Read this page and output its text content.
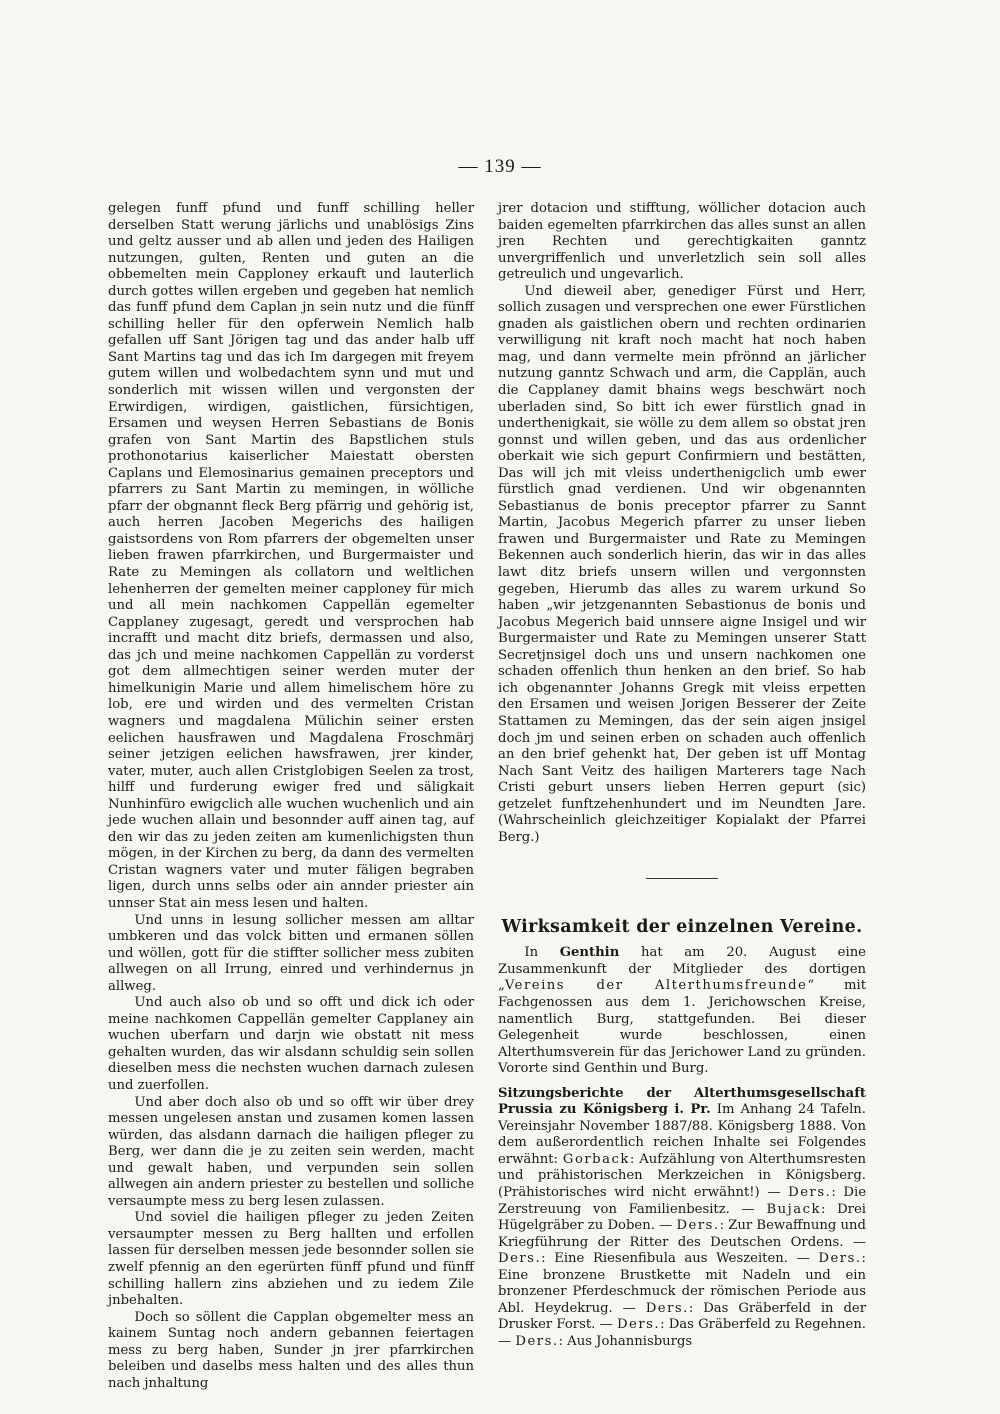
— 139 —

gelegen funff pfund und funff schilling heller derselben Statt werung järlichs und unablösigs Zins und geltz ausser und ab allen und jeden des Hailigen nutzungen, gulten, Renten und guten an die obbemelten mein Capploney erkauft und lauterlich durch gottes willen ergeben und gegeben hat nemlich das funff pfund dem Caplan jn sein nutz und die fünff schilling heller für den opferwein Nemlich halb gefallen uff Sant Jörigen tag und das ander halb uff Sant Martins tag und das ich Im dargegen mit freyem gutem willen und wolbedachtem synn und mut und sonderlich mit wissen willen und vergonsten der Erwirdigen, wirdigen, gaistlichen, fürsichtigen, Ersamen und weysen Herren Sebastians de Bonis grafen von Sant Martin des Bapstlichen stuls prothonotarius kaiserlicher Maiestatt obersten Caplans und Elemosinarius gemainen preceptors und pfarrers zu Sant Martin zu memingen, in wölliche pfarr der obgnannt fleck Berg pfärrig und gehörig ist, auch herren Jacoben Megerichs des hailigen gaistsordens von Rom pfarrers der obgemelten unser lieben frawen pfarrkirchen, und Burgermaister und Rate zu Memingen als collatorn und weltlichen lehenherren der gemelten meiner capploney für mich und all mein nachkomen Cappellän egemelter Capplaney zugesagt, geredt und versprochen hab incrafft und macht ditz briefs, dermassen und also, das jch und meine nachkomen Cappellän zu vorderst got dem allmechtigen seiner werden muter der himelkunigin Marie und allem himelischem höre zu lob, ere und wirden und des vermelten Cristan wagners und magdalena Mülichin seiner ersten eelichen hausfrawen und Magdalena Froschmärj seiner jetzigen eelichen hawsfrawen, jrer kinder, vater, muter, auch allen Cristglobigen Seelen za trost, hilff und furderung ewiger fred und säligkait Nunhinfüro ewigclich alle wuchen wuchenlich und ain jede wuchen allain und besonnder auff ainen tag, auf den wir das zu jeden zeiten am kumenlichigsten thun mögen, in der Kirchen zu berg, da dann des vermelten Cristan wagners vater und muter fäligen begraben ligen, durch unns selbs oder ain annder priester ain unnser Stat ain mess lesen und halten.

Und unns in lesung sollicher messen am alltar umbkeren und das volck bitten und ermanen söllen und wöllen, gott für die stiffter sollicher mess zubiten allwegen on all Irrung, einred und verhindernus jn allweg.

Und auch also ob und so offt und dick ich oder meine nachkomen Cappellän gemelter Capplaney ain wuchen uberfarn und darjn wie obstatt nit mess gehalten wurden, das wir alsdann schuldig sein sollen dieselben mess die nechsten wuchen darnach zulesen und zuerfollen.

Und aber doch also ob und so offt wir über drey messen ungelesen anstan und zusamen komen lassen würden, das alsdann darnach die hailigen pfleger zu Berg, wer dann die je zu zeiten sein werden, macht und gewalt haben, und verpunden sein sollen allwegen ain andern priester zu bestellen und solliche versaumpte mess zu berg lesen zulassen.

Und soviel die hailigen pfleger zu jeden Zeiten versaumpter messen zu Berg hallten und erfollen lassen für derselben messen jede besonnder sollen sie zwelf pfennig an den egerürten fünff pfund und fünff schilling hallern zins abziehen und zu iedem Zile jnbehalten.

Doch so söllent die Capplan obgemelter mess an kainem Suntag noch andern gebannen feiertagen mess zu berg haben, Sunder jn jrer pfarrkirchen beleiben und daselbs mess halten und des alles thun nach jnhaltung

jrer dotacion und stifftung, wöllicher dotacion auch baiden egemelten pfarrkirchen das alles sunst an allen jren Rechten und gerechtigkaiten ganntz unvergriffenlich und unverletzlich sein soll alles getreulich und ungevarlich.

Und dieweil aber, genediger Fürst und Herr, sollich zusagen und versprechen one ewer Fürstlichen gnaden als gaistlichen obern und rechten ordinarien verwilligung nit kraft noch macht hat noch haben mag, und dann vermelte mein pfrönnd an järlicher nutzung ganntz Schwach und arm, die Capplän, auch die Capplaney damit bhains wegs beschwärt noch uberladen sind, So bitt ich ewer fürstlich gnad in underthenigkait, sie wölle zu dem allem so obstat jren gonnst und willen geben, und das aus ordenlicher oberkait wie sich gepurt Confirmiern und bestätten, Das will jch mit vleiss underthenigclich umb ewer fürstlich gnad verdienen. Und wir obgenannten Sebastianus de bonis preceptor pfarrer zu Sannt Martin, Jacobus Megerich pfarrer zu unser lieben frawen und Burgermaister und Rate zu Memingen Bekennen auch sonderlich hierin, das wir in das alles lawt ditz briefs unsern willen und vergonnsten gegeben, Hierumb das alles zu warem urkund So haben „wir jetzgenannten Sebastionus de bonis und Jacobus Megerich baid unnsere aigne Insigel und wir Burgermaister und Rate zu Memingen unserer Statt Secretjnsigel doch uns und unsern nachkomen one schaden offenlich thun henken an den brief. So hab ich obgenannter Johanns Gregk mit vleiss erpetten den Ersamen und weisen Jorigen Besserer der Zeite Stattamen zu Memingen, das der sein aigen jnsigel doch jm und seinen erben on schaden auch offenlich an den brief gehenkt hat, Der geben ist uff Montag Nach Sant Veitz des hailigen Marterers tage Nach Cristi geburt unsers lieben Herren gepurt (sic) getzelet funftzehenhundert und im Neundten Jare. (Wahrscheinlich gleichzeitiger Kopialakt der Pfarrei Berg.)

Wirksamkeit der einzelnen Vereine.

In Genthin hat am 20. August eine Zusammenkunft der Mitglieder des dortigen „Vereins der Alterthumsfreunde“ mit Fachgenossen aus dem 1. Jerichowschen Kreise, namentlich Burg, stattgefunden. Bei dieser Gelegenheit wurde beschlossen, einen Alterthumsverein für das Jerichower Land zu gründen. Vororte sind Genthin und Burg.

Sitzungsberichte der Alterthumsgesellschaft Prussia zu Königsberg i. Pr. Im Anhang 24 Tafeln. Vereinsjahr November 1887/88. Königsberg 1888. Von dem außerordentlich reichen Inhalte sei Folgendes erwähnt: Gorback: Aufzählung von Alterthumsresten und prähistorischen Merkzeichen in Königsberg. (Prähistorisches wird nicht erwähnt!) — Ders.: Die Zerstreuung von Familienbesitz. — Bujack: Drei Hügelgräber zu Doben. — Ders.: Zur Bewaffnung und Kriegführung der Ritter des Deutschen Ordens. — Ders.: Eine Riesenfibula aus Weszeiten. — Ders.: Eine bronzene Brustkette mit Nadeln und ein bronzener Pferdeschmuck der römischen Periode aus Abl. Heydekrug. — Ders.: Das Gräberfeld in der Drusker Forst. — Ders.: Das Gräberfeld zu Regehnen. — Ders.: Aus Johannisburgs
